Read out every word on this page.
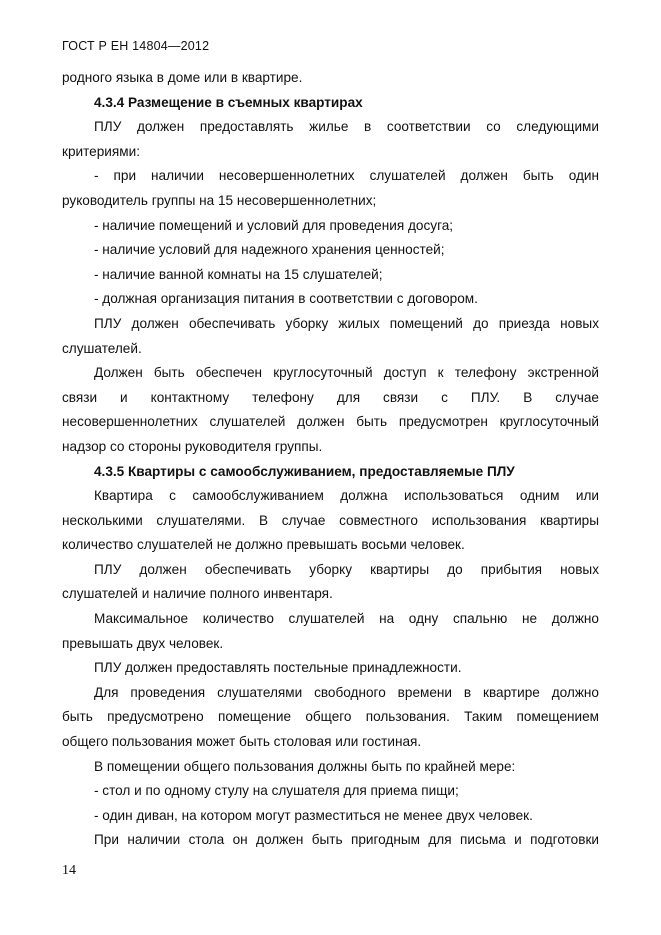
ГОСТ Р ЕН 14804—2012
родного языка в доме или в квартире.
4.3.4 Размещение в съемных квартирах
ПЛУ должен предоставлять жилье в соответствии со следующими
критериями:
- при наличии несовершеннолетних слушателей должен быть один
руководитель группы на 15 несовершеннолетних;
- наличие помещений и условий для проведения досуга;
- наличие условий для надежного хранения ценностей;
- наличие ванной комнаты на 15 слушателей;
- должная организация питания в соответствии с договором.
ПЛУ должен обеспечивать уборку жилых помещений до приезда новых
слушателей.
Должен быть обеспечен круглосуточный доступ к телефону экстренной
связи и контактному телефону для связи с ПЛУ. В случае
несовершеннолетних слушателей должен быть предусмотрен круглосуточный
надзор со стороны руководителя группы.
4.3.5 Квартиры с самообслуживанием, предоставляемые ПЛУ
Квартира с самообслуживанием должна использоваться одним или
несколькими слушателями. В случае совместного использования квартиры
количество слушателей не должно превышать восьми человек.
ПЛУ должен обеспечивать уборку квартиры до прибытия новых
слушателей и наличие полного инвентаря.
Максимальное количество слушателей на одну спальню не должно
превышать двух человек.
ПЛУ должен предоставлять постельные принадлежности.
Для проведения слушателями свободного времени в квартире должно
быть предусмотрено помещение общего пользования. Таким помещением
общего пользования может быть столовая или гостиная.
В помещении общего пользования должны быть по крайней мере:
- стол и по одному стулу на слушателя для приема пищи;
- один диван, на котором могут разместиться не менее двух человек.
При наличии стола он должен быть пригодным для письма и подготовки
14
